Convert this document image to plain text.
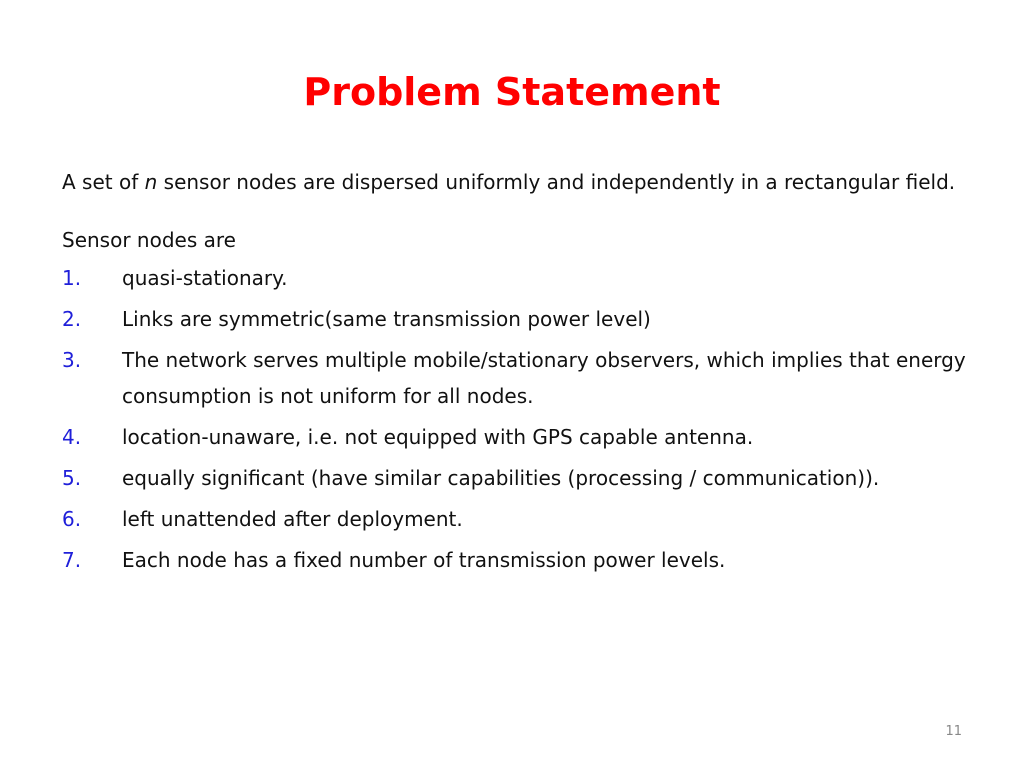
Problem Statement

A set of n sensor nodes are dispersed uniformly and independently in a rectangular field.

Sensor nodes are

1.	quasi-stationary.
2.	Links are symmetric(same transmission power level)
3.	The network serves multiple mobile/stationary observers, which implies that energy consumption is not uniform for all nodes.
4.	location-unaware, i.e. not equipped with GPS capable antenna.
5.	equally significant (have similar capabilities (processing / communication)).
6.	left unattended after deployment.
7.	Each node has a fixed number of transmission power levels.
11
